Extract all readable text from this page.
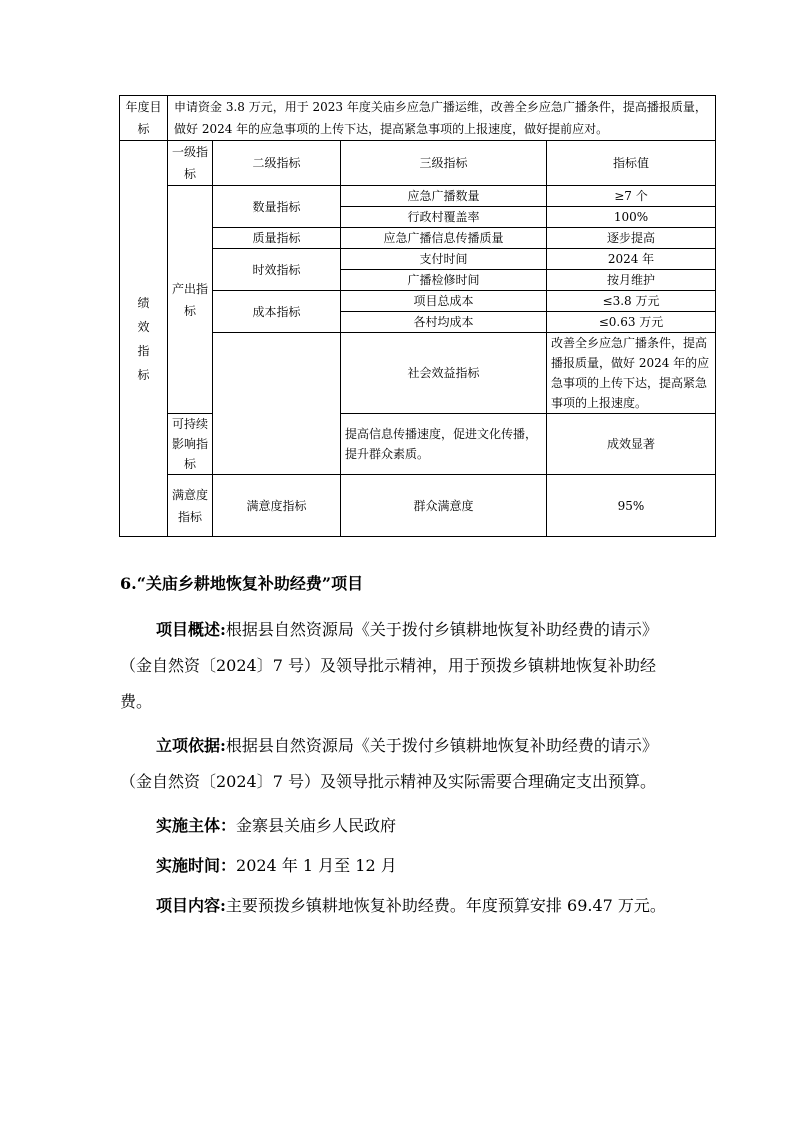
年度目标	申请资金 3.8 万元，用于 2023 年度关庙乡应急广播运维，改善全乡应急广播条件，提高播报质量，做好 2024 年的应急事项的上传下达，提高紧急事项的上报速度，做好提前应对。				
绩效指标	一级指标	二级指标	三级指标	指标值	
	产出指标	数量指标	应急广播数量	≥7 个	
			行政村覆盖率	100%	
		质量指标	应急广播信息传播质量	逐步提高	
		时效指标	支付时间	2024 年	
			广播检修时间	按月维护	
		成本指标	项目总成本	≤3.8 万元	
			各村均成本	≤0.63 万元	
			社会效益指标	改善全乡应急广播条件，提高播报质量，做好 2024 年的应急事项的上传下达，提高紧急事项的上报速度。	
	可持续影响指标		提高信息传播速度，促进文化传播，提升群众素质。	成效显著	
	满意度指标	满意度指标	群众满意度	95%	
6.“关庙乡耕地恢复补助经费”项目

项目概述:根据县自然资源局《关于拨付乡镇耕地恢复补助经费的请示》（金自然资〔2024〕7 号）及领导批示精神，用于预拨乡镇耕地恢复补助经费。

立项依据:根据县自然资源局《关于拨付乡镇耕地恢复补助经费的请示》（金自然资〔2024〕7 号）及领导批示精神及实际需要合理确定支出预算。

实施主体：金寨县关庙乡人民政府

实施时间：2024 年 1 月至 12 月

项目内容:主要预拨乡镇耕地恢复补助经费。年度预算安排 69.47 万元。
